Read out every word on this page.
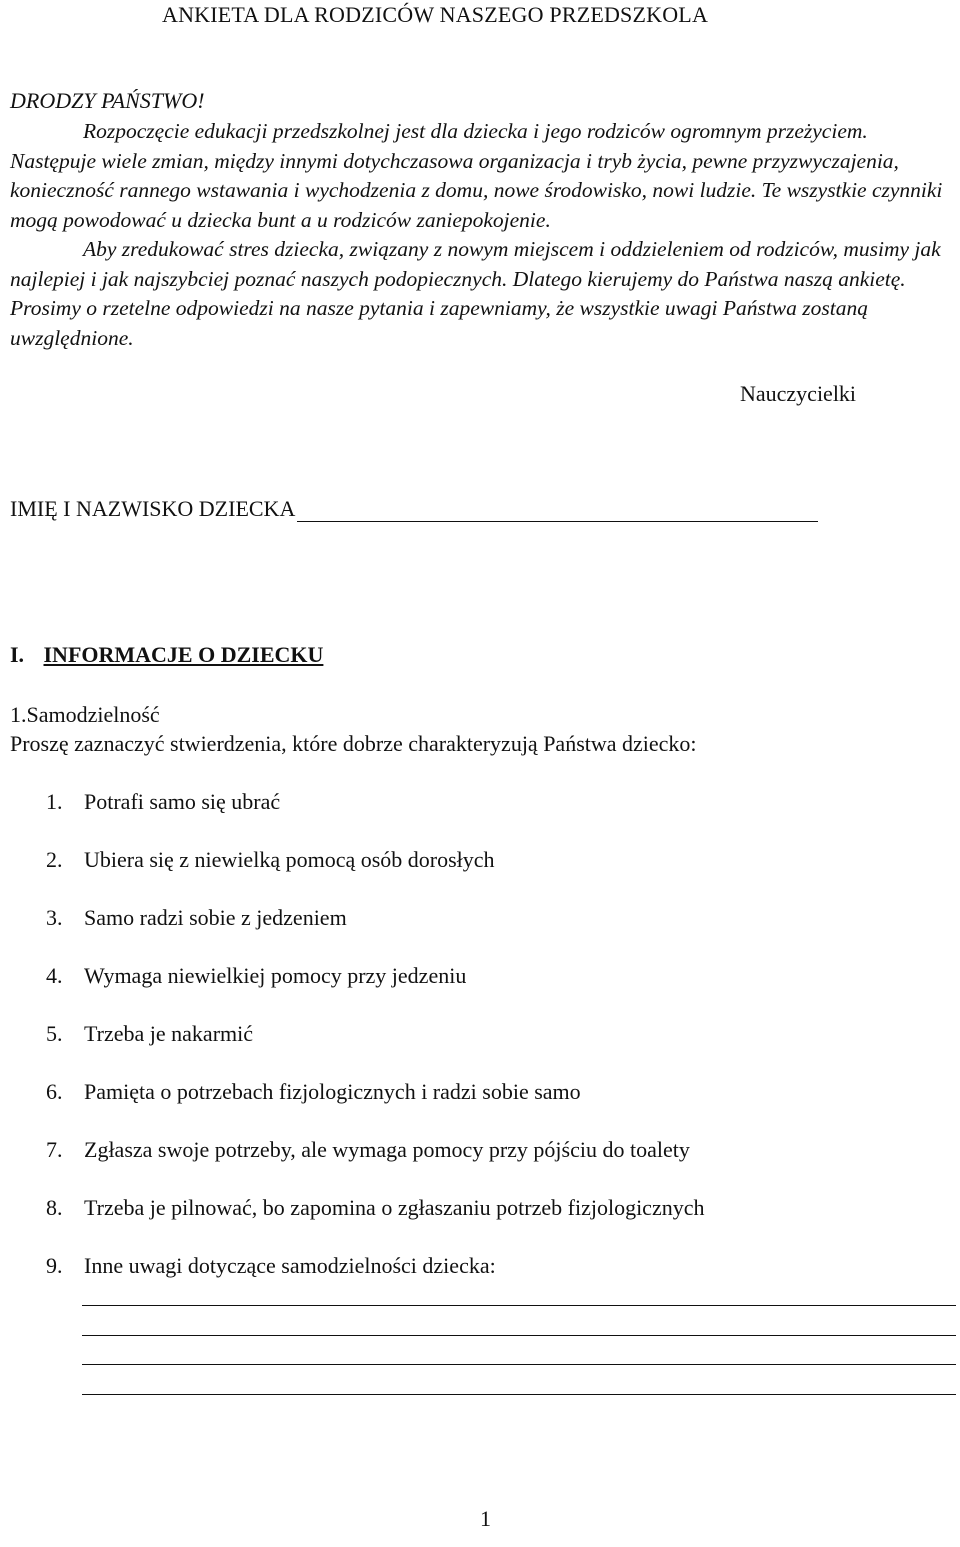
ANKIETA DLA RODZICÓW NASZEGO PRZEDSZKOLA
DRODZY PAŃSTWO!

Rozpoczęcie edukacji przedszkolnej jest dla dziecka i jego rodziców ogromnym przeżyciem. Następuje wiele zmian, między innymi dotychczasowa organizacja i tryb życia, pewne przyzwyczajenia, konieczność rannego wstawania i wychodzenia z domu, nowe środowisko, nowi ludzie. Te wszystkie czynniki mogą powodować u dziecka bunt a u rodziców zaniepokojenie.

Aby zredukować stres dziecka, związany z nowym miejscem i oddzieleniem od rodziców, musimy jak najlepiej i jak najszybciej poznać naszych podopiecznych. Dlatego kierujemy do Państwa naszą ankietę. Prosimy o rzetelne odpowiedzi na nasze pytania i zapewniamy, że wszystkie uwagi Państwa zostaną uwzględnione.

Nauczycielki
IMIĘ I NAZWISKO DZIECKA
I. INFORMACJE O DZIECKU
1.Samodzielność
Proszę zaznaczyć stwierdzenia, które dobrze charakteryzują Państwa dziecko:
1. Potrafi samo się ubrać
2. Ubiera się z niewielką pomocą osób dorosłych
3. Samo radzi sobie z jedzeniem
4. Wymaga niewielkiej pomocy przy jedzeniu
5. Trzeba je nakarmić
6. Pamięta o potrzebach fizjologicznych i radzi sobie samo
7. Zgłasza swoje potrzeby, ale wymaga pomocy przy pójściu do toalety
8. Trzeba je pilnować, bo zapomina o zgłaszaniu potrzeb fizjologicznych
9. Inne uwagi dotyczące samodzielności dziecka:
1
